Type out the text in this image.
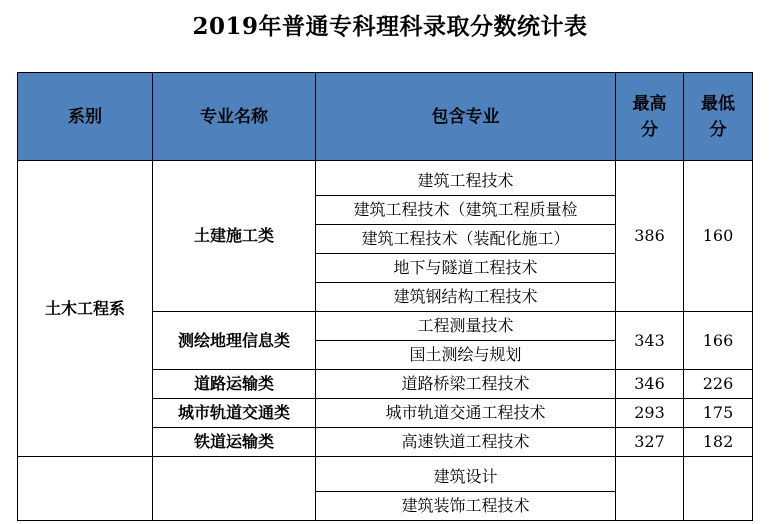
2019年普通专科理科录取分数统计表
系别	专业名称	包含专业	最高分	最低分

土木工程系	土建施工类		386	160
		建筑工程技术		
		建筑工程技术（建筑工程质量检		
		建筑工程技术（装配化施工）		
		地下与隧道工程技术		
		建筑钢结构工程技术		
	测绘地理信息类	工程测量技术	343	166
		国土测绘与规划		
	道路运输类	道路桥梁工程技术	346	226
	城市轨道交通类	城市轨道交通工程技术	293	175
	铁道运输类	高速铁道工程技术	327	182

		建筑设计		
		建筑装饰工程技术		
